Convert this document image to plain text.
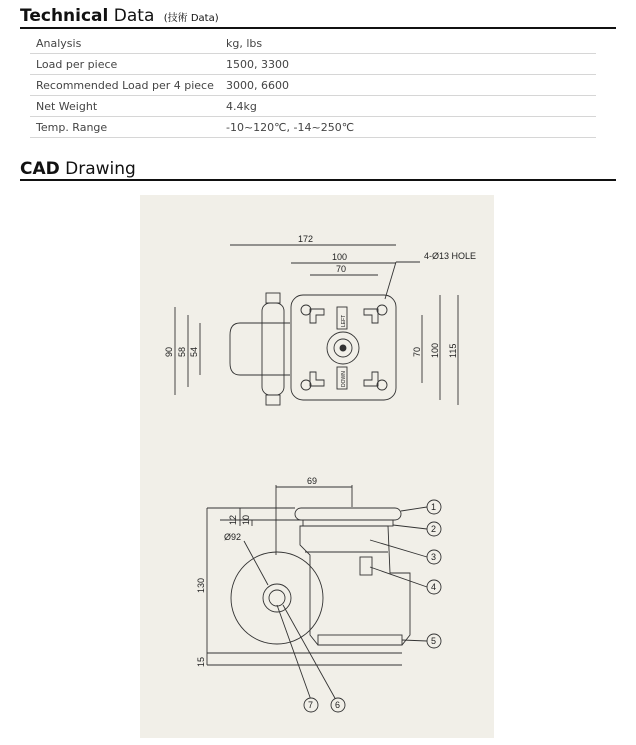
Technical Data (技術 Data)
Analysis	kg, lbs
Load per piece	1500, 3300
Recommended Load per 4 piece	3000, 6600
Net Weight	4.4kg
Temp. Range	-10~120℃, -14~250℃
CAD Drawing
172
100
70
4-Ø13 HOLE
90 58 54	70 100 115
LEFT
DOWN
69
12 10
Ø92
130
15
1
2
3
4
5
6
7
